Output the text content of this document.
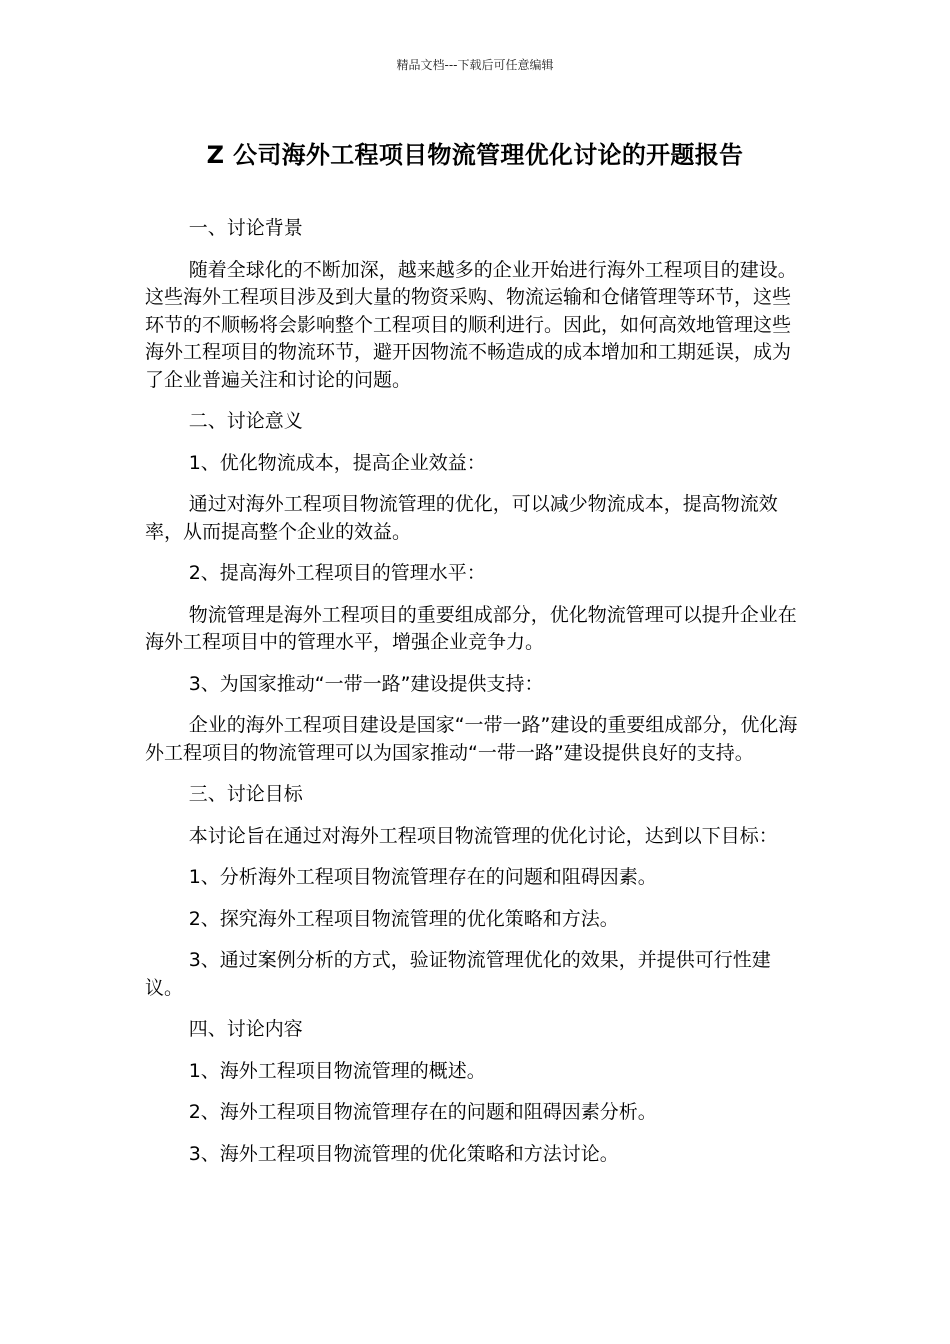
精品文档---下载后可任意编辑
Z 公司海外工程项目物流管理优化讨论的开题报告

一、讨论背景

随着全球化的不断加深，越来越多的企业开始进行海外工程项目的建设。这些海外工程项目涉及到大量的物资采购、物流运输和仓储管理等环节，这些环节的不顺畅将会影响整个工程项目的顺利进行。因此，如何高效地管理这些海外工程项目的物流环节，避开因物流不畅造成的成本增加和工期延误，成为了企业普遍关注和讨论的问题。

二、讨论意义

1、优化物流成本，提高企业效益：

通过对海外工程项目物流管理的优化，可以减少物流成本，提高物流效率，从而提高整个企业的效益。

2、提高海外工程项目的管理水平：

物流管理是海外工程项目的重要组成部分，优化物流管理可以提升企业在海外工程项目中的管理水平，增强企业竞争力。

3、为国家推动“一带一路”建设提供支持：

企业的海外工程项目建设是国家“一带一路”建设的重要组成部分，优化海外工程项目的物流管理可以为国家推动“一带一路”建设提供良好的支持。

三、讨论目标

本讨论旨在通过对海外工程项目物流管理的优化讨论，达到以下目标：

1、分析海外工程项目物流管理存在的问题和阻碍因素。

2、探究海外工程项目物流管理的优化策略和方法。

3、通过案例分析的方式，验证物流管理优化的效果，并提供可行性建议。

四、讨论内容

1、海外工程项目物流管理的概述。

2、海外工程项目物流管理存在的问题和阻碍因素分析。

3、海外工程项目物流管理的优化策略和方法讨论。
